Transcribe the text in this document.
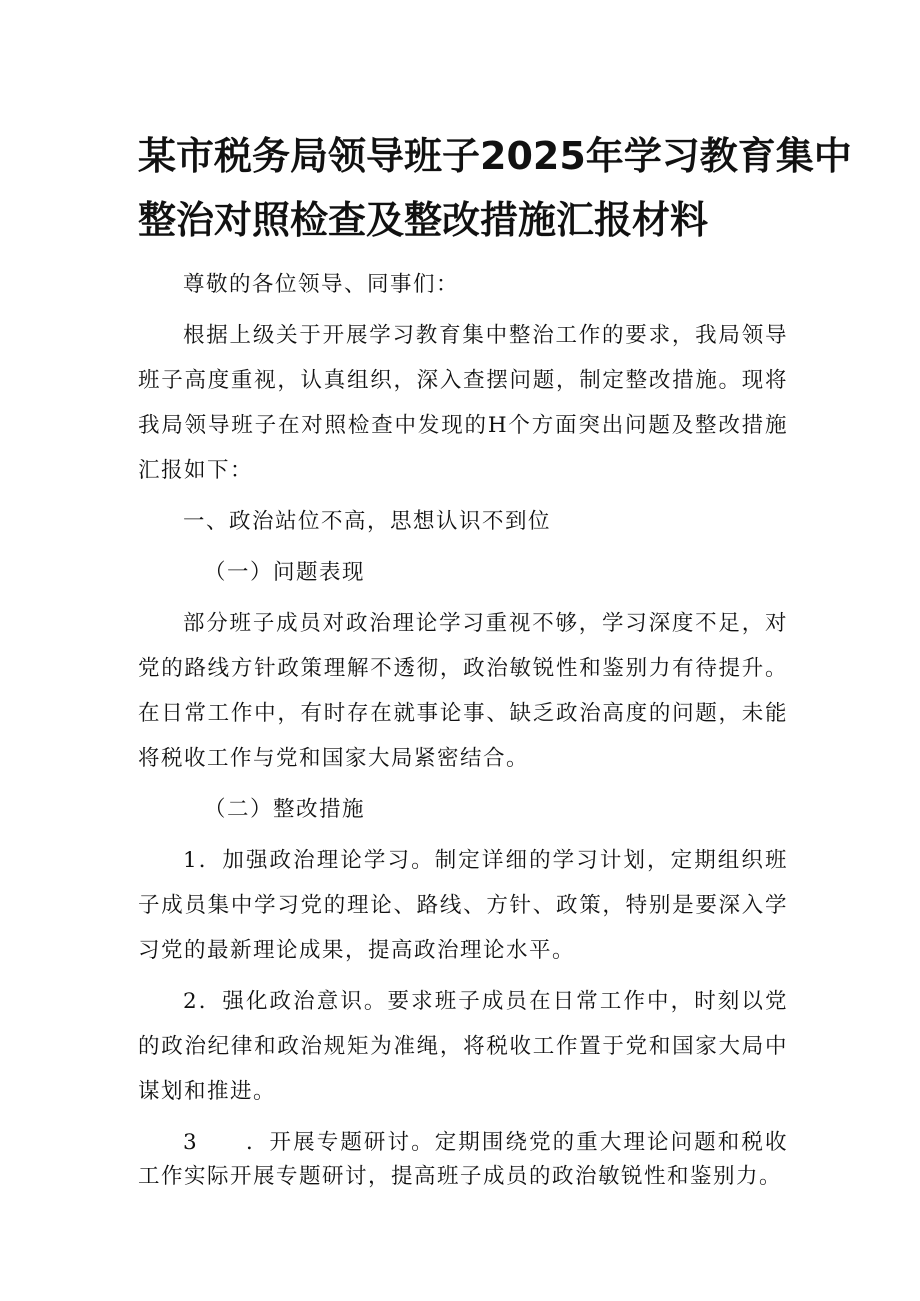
某市税务局领导班子2025年学习教育集中
整治对照检查及整改措施汇报材料

尊敬的各位领导、同事们：

根据上级关于开展学习教育集中整治工作的要求，我局领导班子高度重视，认真组织，深入查摆问题，制定整改措施。现将我局领导班子在对照检查中发现的H个方面突出问题及整改措施汇报如下：

一、政治站位不高，思想认识不到位

（一）问题表现

部分班子成员对政治理论学习重视不够，学习深度不足，对党的路线方针政策理解不透彻，政治敏锐性和鉴别力有待提升。在日常工作中，有时存在就事论事、缺乏政治高度的问题，未能将税收工作与党和国家大局紧密结合。

（二）整改措施

1．加强政治理论学习。制定详细的学习计划，定期组织班子成员集中学习党的理论、路线、方针、政策，特别是要深入学习党的最新理论成果，提高政治理论水平。

2．强化政治意识。要求班子成员在日常工作中，时刻以党的政治纪律和政治规矩为准绳，将税收工作置于党和国家大局中谋划和推进。

3　　．开展专题研讨。定期围绕党的重大理论问题和税收工作实际开展专题研讨，提高班子成员的政治敏锐性和鉴别力。
